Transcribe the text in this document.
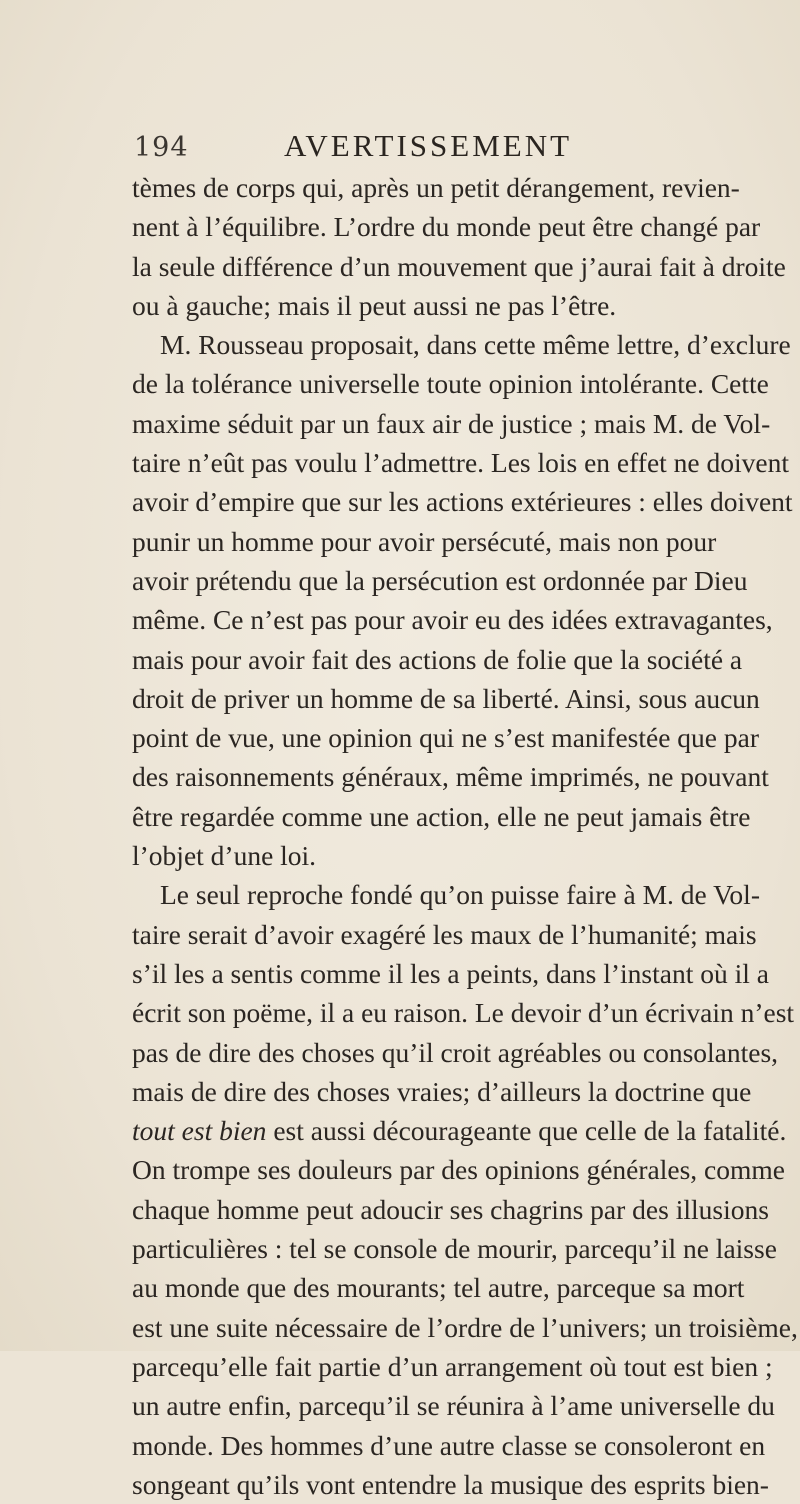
194	AVERTISSEMENT
tèmes de corps qui, après un petit dérangement, revien-
nent à l’équilibre. L’ordre du monde peut être changé par
la seule différence d’un mouvement que j’aurai fait à droite
ou à gauche; mais il peut aussi ne pas l’être.
M. Rousseau proposait, dans cette même lettre, d’exclure
de la tolérance universelle toute opinion intolérante. Cette
maxime séduit par un faux air de justice ; mais M. de Vol-
taire n’eût pas voulu l’admettre. Les lois en effet ne doivent
avoir d’empire que sur les actions extérieures : elles doivent
punir un homme pour avoir persécuté, mais non pour
avoir prétendu que la persécution est ordonnée par Dieu
même. Ce n’est pas pour avoir eu des idées extravagantes,
mais pour avoir fait des actions de folie que la société a
droit de priver un homme de sa liberté. Ainsi, sous aucun
point de vue, une opinion qui ne s’est manifestée que par
des raisonnements généraux, même imprimés, ne pouvant
être regardée comme une action, elle ne peut jamais être
l’objet d’une loi.
Le seul reproche fondé qu’on puisse faire à M. de Vol-
taire serait d’avoir exagéré les maux de l’humanité; mais
s’il les a sentis comme il les a peints, dans l’instant où il a
écrit son poëme, il a eu raison. Le devoir d’un écrivain n’est
pas de dire des choses qu’il croit agréables ou consolantes,
mais de dire des choses vraies; d’ailleurs la doctrine que
tout est bien est aussi décourageante que celle de la fatalité.
On trompe ses douleurs par des opinions générales, comme
chaque homme peut adoucir ses chagrins par des illusions
particulières : tel se console de mourir, parcequ’il ne laisse
au monde que des mourants; tel autre, parceque sa mort
est une suite nécessaire de l’ordre de l’univers; un troisième,
parcequ’elle fait partie d’un arrangement où tout est bien ;
un autre enfin, parcequ’il se réunira à l’ame universelle du
monde. Des hommes d’une autre classe se consoleront en
songeant qu’ils vont entendre la musique des esprits bien-
